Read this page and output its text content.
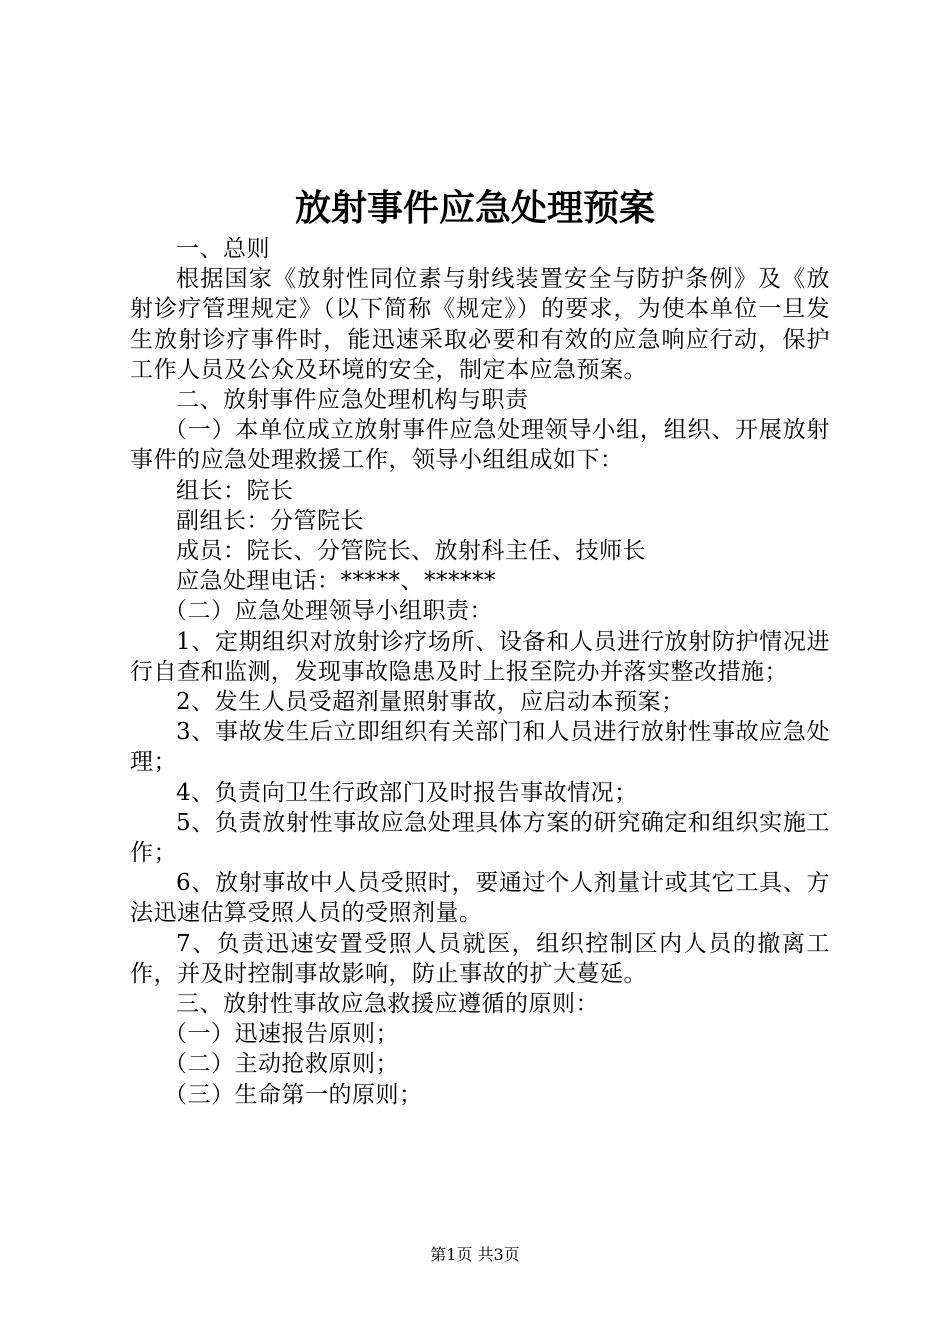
放射事件应急处理预案

一、总则

根据国家《放射性同位素与射线装置安全与防护条例》及《放射诊疗管理规定》（以下简称《规定》）的要求，为使本单位一旦发生放射诊疗事件时，能迅速采取必要和有效的应急响应行动，保护工作人员及公众及环境的安全，制定本应急预案。

二、放射事件应急处理机构与职责

（一）本单位成立放射事件应急处理领导小组，组织、开展放射事件的应急处理救援工作，领导小组组成如下：

组长：院长

副组长：分管院长

成员：院长、分管院长、放射科主任、技师长

应急处理电话：*****、******

（二）应急处理领导小组职责：

1、定期组织对放射诊疗场所、设备和人员进行放射防护情况进行自查和监测，发现事故隐患及时上报至院办并落实整改措施；

2、发生人员受超剂量照射事故，应启动本预案；

3、事故发生后立即组织有关部门和人员进行放射性事故应急处理；

4、负责向卫生行政部门及时报告事故情况；

5、负责放射性事故应急处理具体方案的研究确定和组织实施工作；

6、放射事故中人员受照时，要通过个人剂量计或其它工具、方法迅速估算受照人员的受照剂量。

7、负责迅速安置受照人员就医，组织控制区内人员的撤离工作，并及时控制事故影响，防止事故的扩大蔓延。

三、放射性事故应急救援应遵循的原则：

（一）迅速报告原则；

（二）主动抢救原则；

（三）生命第一的原则；

第1页 共3页
